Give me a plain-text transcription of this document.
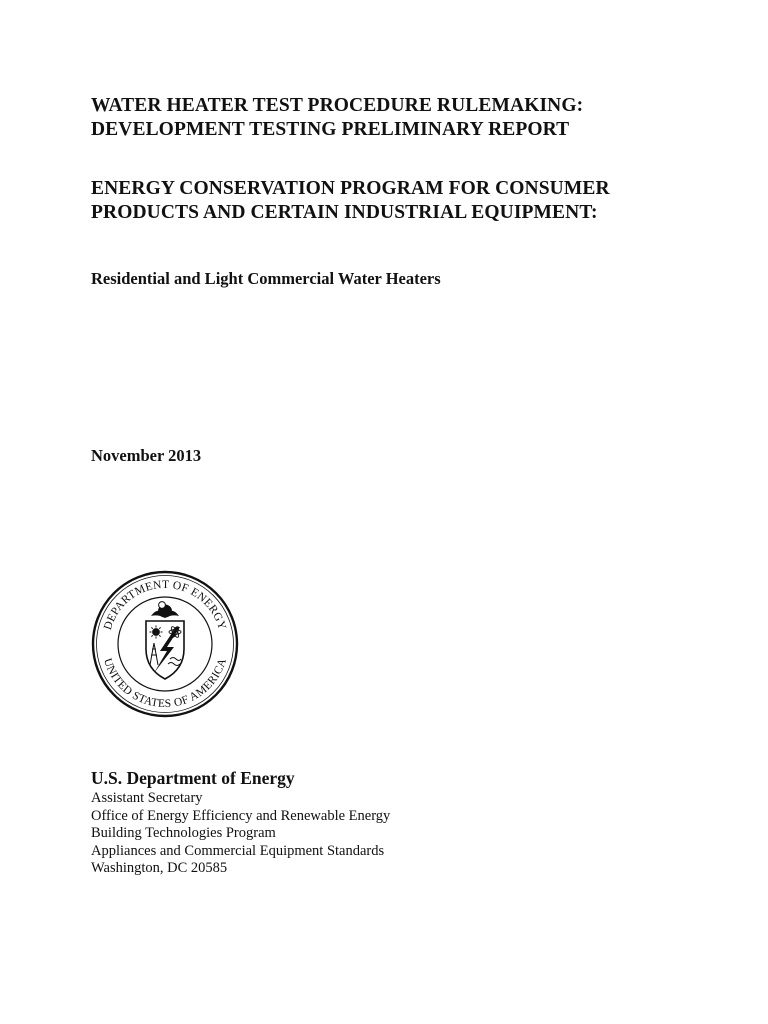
WATER HEATER TEST PROCEDURE RULEMAKING:
DEVELOPMENT TESTING PRELIMINARY REPORT
ENERGY CONSERVATION PROGRAM FOR CONSUMER
PRODUCTS AND CERTAIN INDUSTRIAL EQUIPMENT:
Residential and Light Commercial Water Heaters
November 2013
DEPARTMENT OF ENERGY
UNITED STATES OF AMERICA
U.S. Department of Energy
Assistant Secretary
Office of Energy Efficiency and Renewable Energy
Building Technologies Program
Appliances and Commercial Equipment Standards
Washington, DC 20585
